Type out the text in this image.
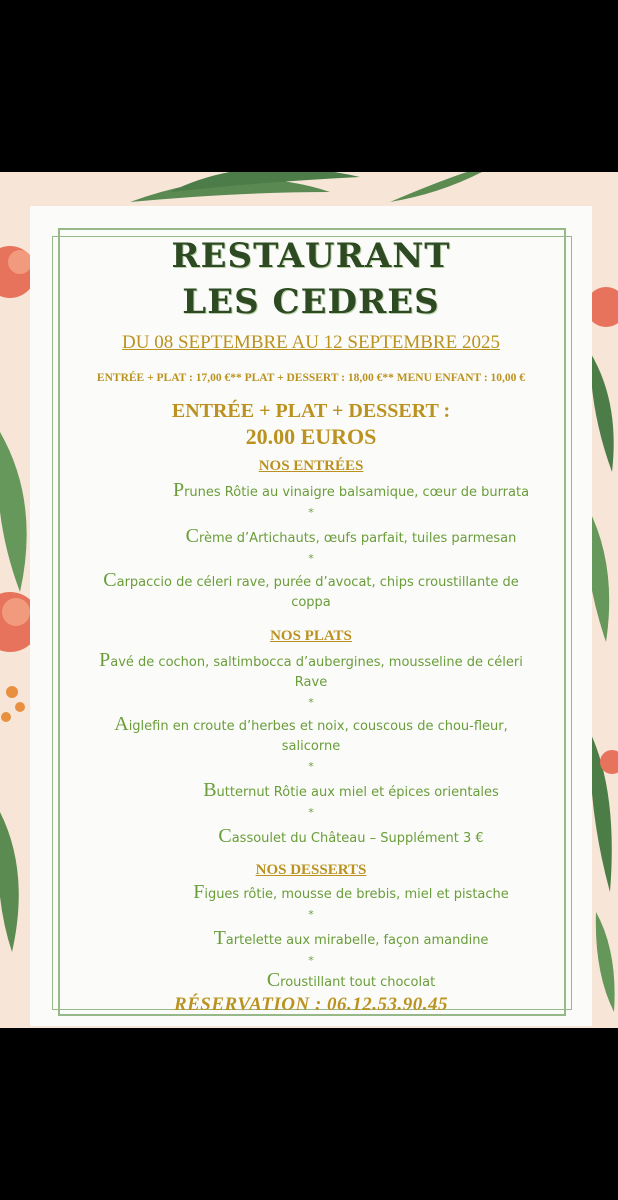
RESTAURANT
LES CEDRES
DU 08 SEPTEMBRE AU 12 SEPTEMBRE 2025
ENTRÉE + PLAT : 17,00 €** PLAT + DESSERT : 18,00 €** MENU ENFANT : 10,00 €
ENTRÉE + PLAT + DESSERT :
20.00 EUROS
NOS ENTRÉES
Prunes Rôtie au vinaigre balsamique, cœur de burrata
*
Crème d’Artichauts, œufs parfait, tuiles parmesan
*
Carpaccio de céleri rave, purée d’avocat, chips croustillante de coppa
NOS PLATS
Pavé de cochon, saltimbocca d’aubergines, mousseline de céleri Rave
*
Aiglefin en croute d’herbes et noix, couscous de chou-fleur, salicorne
*
Butternut Rôtie aux miel et épices orientales
*
Cassoulet du Château – Supplément 3 €
NOS DESSERTS
Figues rôtie, mousse de brebis, miel et pistache
*
Tartelette aux mirabelle, façon amandine
*
Croustillant tout chocolat
RÉSERVATION : 06.12.53.90.45
